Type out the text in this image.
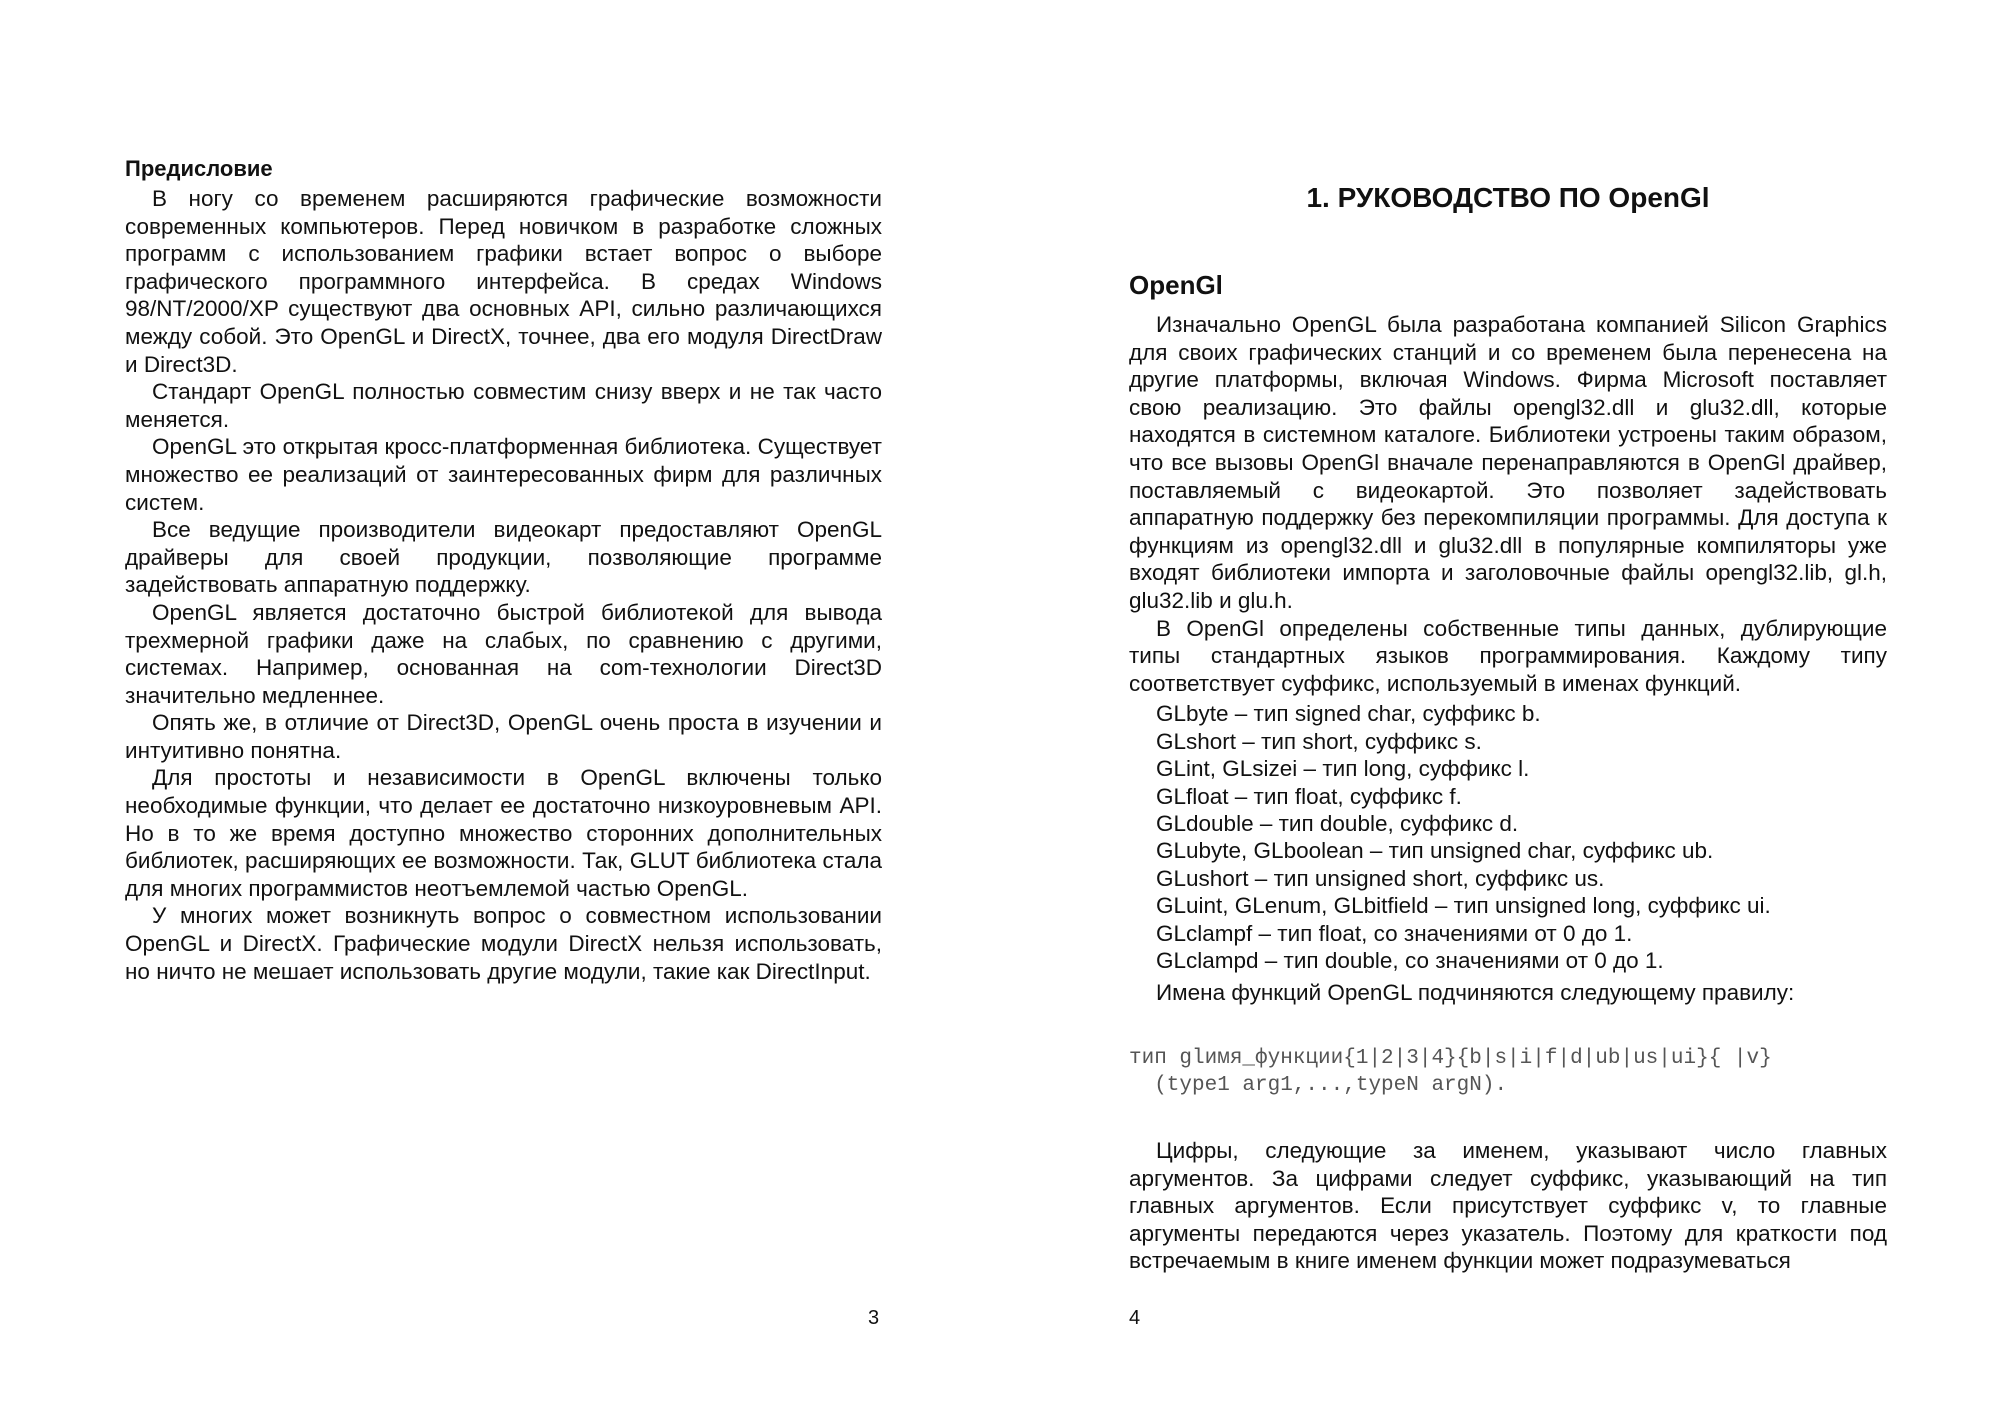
Предисловие

В ногу со временем расширяются графические возможности современных компьютеров. Перед новичком в разработке сложных программ с использованием графики встает вопрос о выборе графического программного интерфейса. В средах Windows 98/NT/2000/XP существуют два основных API, сильно различающихся между собой. Это OpenGL и DirectX, точнее, два его модуля DirectDraw и Direct3D.

Стандарт OpenGL полностью совместим снизу вверх и не так часто меняется.

OpenGL это открытая кросс-платформенная библиотека. Существует множество ее реализаций от заинтересованных фирм для различных систем.

Все ведущие производители видеокарт предоставляют OpenGL драйверы для своей продукции, позволяющие программе задействовать аппаратную поддержку.

OpenGL является достаточно быстрой библиотекой для вывода трехмерной графики даже на слабых, по сравнению с другими, системах. Например, основанная на com-технологии Direct3D значительно медленнее.

Опять же, в отличие от Direct3D, OpenGL очень проста в изучении и интуитивно понятна.

Для простоты и независимости в OpenGL включены только необходимые функции, что делает ее достаточно низкоуровневым API. Но в то же время доступно множество сторонних дополнительных библиотек, расширяющих ее возможности. Так, GLUT библиотека стала для многих программистов неотъемлемой частью OpenGL.

У многих может возникнуть вопрос о совместном использовании OpenGL и DirectX. Графические модули DirectX нельзя использовать, но ничто не мешает использовать другие модули, такие как DirectInput.

3
1. РУКОВОДСТВО ПО OpenGl
OpenGl

Изначально OpenGL была разработана компанией Silicon Graphics для своих графических станций и со временем была перенесена на другие платформы, включая Windows. Фирма Microsoft поставляет свою реализацию. Это файлы opengl32.dll и glu32.dll, которые находятся в системном каталоге. Библиотеки устроены таким образом, что все вызовы OpenGl вначале перенаправляются в OpenGl драйвер, поставляемый с видеокартой. Это позволяет задействовать аппаратную поддержку без перекомпиляции программы. Для доступа к функциям из opengl32.dll и glu32.dll в популярные компиляторы уже входят библиотеки импорта и заголовочные файлы opengl32.lib, gl.h, glu32.lib и glu.h.

В OpenGl определены собственные типы данных, дублирующие типы стандартных языков программирования. Каждому типу соответствует суффикс, используемый в именах функций.

GLbyte – тип signed char, суффикс b.
GLshort – тип short, суффикс s.
GLint, GLsizei – тип long, суффикс l.
GLfloat – тип float, суффикс f.
GLdouble – тип double, суффикс d.
GLubyte, GLboolean – тип unsigned char, суффикс ub.
GLushort – тип unsigned short, суффикс us.
GLuint, GLenum, GLbitfield – тип unsigned long, суффикс ui.
GLclampf – тип float, со значениями от 0 до 1.
GLclampd – тип double, со значениями от 0 до 1.

Имена функций OpenGL подчиняются следующему правилу:

тип glимя_функции{1|2|3|4}{b|s|i|f|d|ub|us|ui}{ |v}
(type1 arg1,...,typeN argN).

Цифры, следующие за именем, указывают число главных аргументов. За цифрами следует суффикс, указывающий на тип главных аргументов. Если присутствует суффикс v, то главные аргументы передаются через указатель. Поэтому для краткости под встречаемым в книге именем функции может подразумеваться

4
